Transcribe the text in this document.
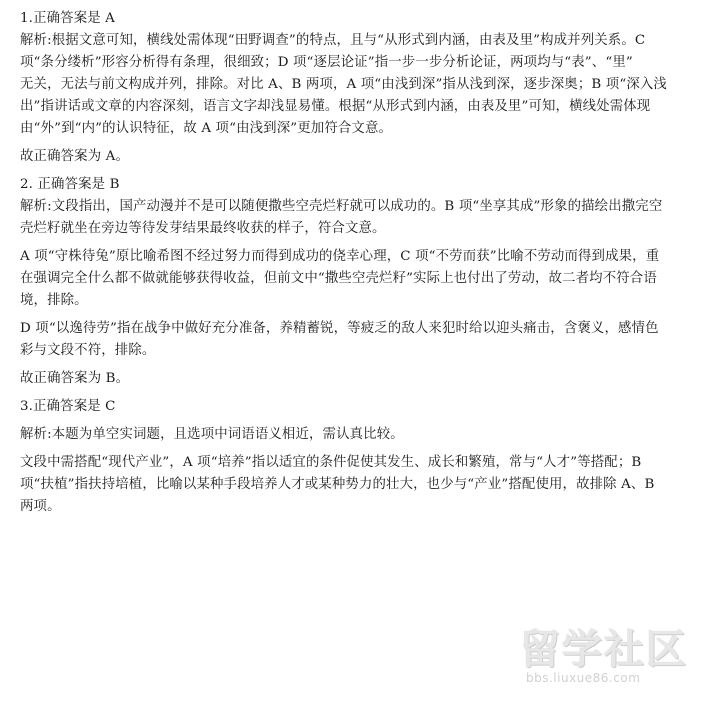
1.正确答案是 A
解析:根据文意可知，横线处需体现“田野调查”的特点，且与“从形式到内涵，由表及里”构成并列关系。C
项“条分缕析”形容分析得有条理，很细致；D 项“逐层论证”指一步一步分析论证，两项均与“表”、“里”
无关，无法与前文构成并列，排除。对比 A、B 两项，A 项“由浅到深”指从浅到深，逐步深奥；B 项“深入浅
出”指讲话或文章的内容深刻，语言文字却浅显易懂。根据“从形式到内涵，由表及里”可知，横线处需体现
由“外”到“内”的认识特征，故 A 项“由浅到深”更加符合文意。
故正确答案为 A。
2. 正确答案是 B
解析:文段指出，国产动漫并不是可以随便撒些空壳烂籽就可以成功的。B 项“坐享其成”形象的描绘出撒完空
壳烂籽就坐在旁边等待发芽结果最终收获的样子，符合文意。
A 项“守株待兔”原比喻希图不经过努力而得到成功的侥幸心理，C 项“不劳而获”比喻不劳动而得到成果，重
在强调完全什么都不做就能够获得收益，但前文中“撒些空壳烂籽”实际上也付出了劳动，故二者均不符合语
境，排除。
D 项“以逸待劳”指在战争中做好充分准备，养精蓄锐，等疲乏的敌人来犯时给以迎头痛击，含褒义，感情色
彩与文段不符，排除。
故正确答案为 B。
3.正确答案是 C
解析:本题为单空实词题，且选项中词语语义相近，需认真比较。
文段中需搭配“现代产业”，A 项“培养”指以适宜的条件促使其发生、成长和繁殖，常与“人才”等搭配；B
项“扶植”指扶持培植，比喻以某种手段培养人才或某种势力的壮大，也少与“产业”搭配使用，故排除 A、B
两项。
留学社区
bbs.liuxue86.com
